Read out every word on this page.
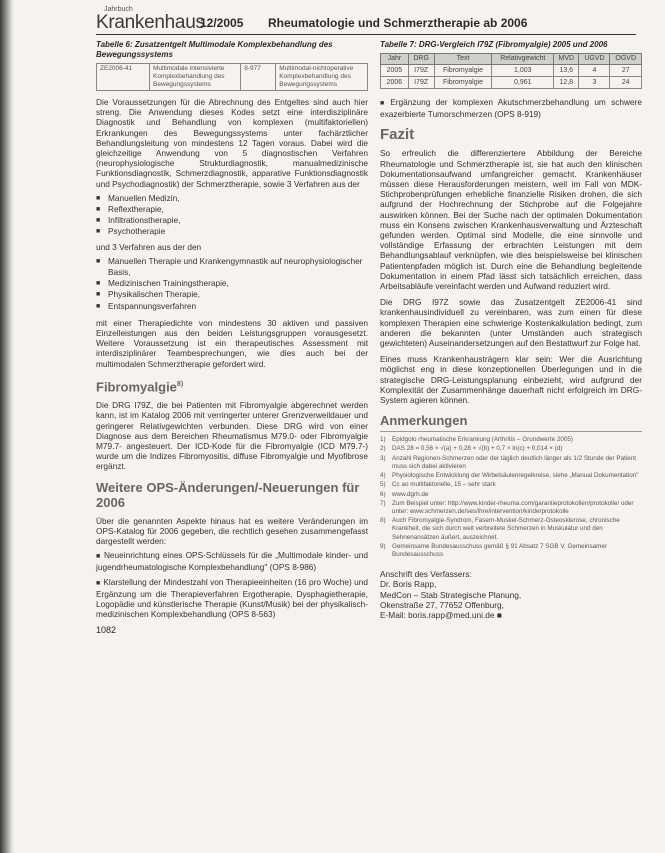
Jahrbuch
Krankenhaus
12/2005 Rheumatologie und Schmerztherapie ab 2006
Tabelle 6: Zusatzentgelt Multimodale Komplexbehandlung des Bewegungssystems
ZE2006-41	Multimodale intensivierte Komplexbehandlung des Bewegungssystems	8-977	Multimodal-nichtoperative Komplexbehandlung des Bewegungssystems

Die Voraussetzungen für die Abrechnung des Entgeltes sind auch hier streng. Die Anwendung dieses Kodes setzt eine interdisziplinäre Diagnostik und Behandlung von komplexen (multifaktoriellen) Erkrankungen des Bewegungssystems unter fachärztlicher Behandlungsleitung von mindestens 12 Tagen voraus. Dabei wird die gleichzeitige Anwendung von 5 diagnostischen Verfahren (neurophysiologische Strukturdiagnostik, manualmedizinische Funktionsdiagnostik, Schmerzdiagnostik, apparative Funktionsdiagnostik und Psychodiagnostik) der Schmerztherapie, sowie 3 Verfahren aus der

■ Manuellen Medizin,
■ Reflextherapie,
■ Infiltrationstherapie,
■ Psychotherapie

und 3 Verfahren aus der den

■ Manuellen Therapie und Krankengymnastik auf neurophysiologischer Basis,
■ Medizinischen Trainingstherapie,
■ Physikalischen Therapie,
■ Entspannungsverfahren

mit einer Therapiedichte von mindestens 30 aktiven und passiven Einzelleistungen aus den beiden Leistungsgruppen vorausgesetzt. Weitere Voraussetzung ist ein therapeutisches Assessment mit interdisziplinärer Teambesprechungen, wie dies auch bei der multimodalen Schmerztherapie gefordert wird.

Fibromyalgie$^{8)}$

Die DRG I79Z, die bei Patienten mit Fibromyalgie abgerechnet werden kann, ist im Katalog 2006 mit verringerter unterer Grenzverweildauer und geringerer Relativgewichten verbunden. Diese DRG wird von einer Diagnose aus dem Bereichen Rheumatismus M79.0- oder Fibromyalgie M79.7- angesteuert. Der ICD-Kode für die Fibromyalgie (ICD M79.7-) wurde um die Indizes Fibromyositis, diffuse Fibromyalgie und Myofibrose ergänzt.

Weitere OPS-Änderungen/-Neuerungen für 2006

Über die genannten Aspekte hinaus hat es weitere Veränderungen im OPS-Katalog für 2006 gegeben, die rechtlich gesehen zusammengefasst dargestellt werden:

■ Neueinrichtung eines OPS-Schlüssels für die „Multimodale kinder- und jugendrheumatologische Komplexbehandlung" (OPS 8-986)

■ Klarstellung der Mindestzahl von Therapieeinheiten (16 pro Woche) und Ergänzung um die Therapieverfahren Ergotherapie, Dysphagietherapie, Logopädie und künstlerische Therapie (Kunst/Musik) bei der physikalisch-medizinischen Komplexbehandlung (OPS 8-563)

1082
Tabelle 7: DRG-Vergleich I79Z (Fibromyalgie) 2005 und 2006
Jahr	DRG	Text	Relativgewicht	MVD	UGVD	OGVD
2005	I79Z	Fibromyalgie	1,003	13,6	4	27
2006	I79Z	Fibromyalgie	0,961	12,8	3	24

■ Ergänzung der komplexen Akutschmerzbehandlung um schwere exazerbierte Tumorschmerzen (OPS 8-919)

Fazit

So erfreulich die differenziertere Abbildung der Bereiche Rheumatologie und Schmerztherapie ist, sie hat auch den klinischen Dokumentationsaufwand umfangreicher gemacht. Krankenhäuser müssen diese Herausforderungen meistern, weil im Fall von MDK-Stichprobenprüfungen erhebliche finanzielle Risiken drohen, die sich aufgrund der Hochrechnung der Stichprobe auf die Folgejahre auswirken können. Bei der Suche nach der optimalen Dokumentation muss ein Konsens zwischen Krankenhausverwaltung und Ärzteschaft gefunden werden. Optimal sind Modelle, die eine sinnvolle und vollständige Erfassung der erbrachten Leistungen mit dem Behandlungsablauf verknüpfen, wie dies beispielsweise bei klinischen Patientenpfaden möglich ist. Durch eine die Behandlung begleitende Dokumentation in einem Pfad lässt sich tatsächlich erreichen, dass Arbeitsabläufe vereinfacht werden und Aufwand reduziert wird.

Die DRG I97Z sowie das Zusatzentgelt ZE2006-41 sind krankenhausindividuell zu vereinbaren, was zum einen für diese komplexen Therapien eine schwierige Kostenkalkulation bedingt, zum anderen die bekannten (unter Umständen auch strategisch gewichteten) Auseinandersetzungen auf den Bestattwurf zur Folge hat.

Eines muss Krankenhausträgern klar sein: Wer die Ausrichtung möglichst eng in diese konzeptionellen Überlegungen und in die strategische DRG-Leistungsplanung einbezieht, wird aufgrund der Komplexität der Zusammenhänge dauerhaft nicht erfolgreich im DRG-System agieren können.

Anmerkungen
1)	Epidgolo rheumatische Erkrankung (Arthritis – Grundwerte 2005)
2)	DAS 28 = 0,56 × √(a) + 0,28 × √(b) + 0,7 × ln(c) + 0,014 × (d)
3)	Anzahl Regionen-Schmerzen oder der täglich deutlich länger als 1/2 Stunde der Patient muss sich dabei aktivieren
4)	Physiologische Entwicklung der Wirbelsäulenregelkreise, siehe „Manual Dokumentation"
5)	Cc ao multifaktorielle, 15 – sehr stark
6)	www.dgrh.de
7)	Zum Beispiel unter: http://www.kinder-rheuma.com/garantieprotokollen/protokolle/ oder unter: www.schmerzen.de/ses/ihre/intervention/kinderprotokolle
8)	Auch Fibromyalgie-Syndrom, Fasern-Muskel-Schmerz-Osteosklerose, chronische Krankheit, die sich durch weit verbreitete Schmerzen in Muskulatur und den Sehnenansätzen äußert, auszeichnet.
9)	Gemeinsame Bundesausschuss gemäß § 91 Absatz 7 SGB V, Gemeinsamer Bundesausschuss
Anschrift des Verfassers:
Dr. Boris Rapp,
MedCon – Stab Strategische Planung,
Okenstraße 27, 77652 Offenburg,
E-Mail: boris.rapp@med.uni.de ■
